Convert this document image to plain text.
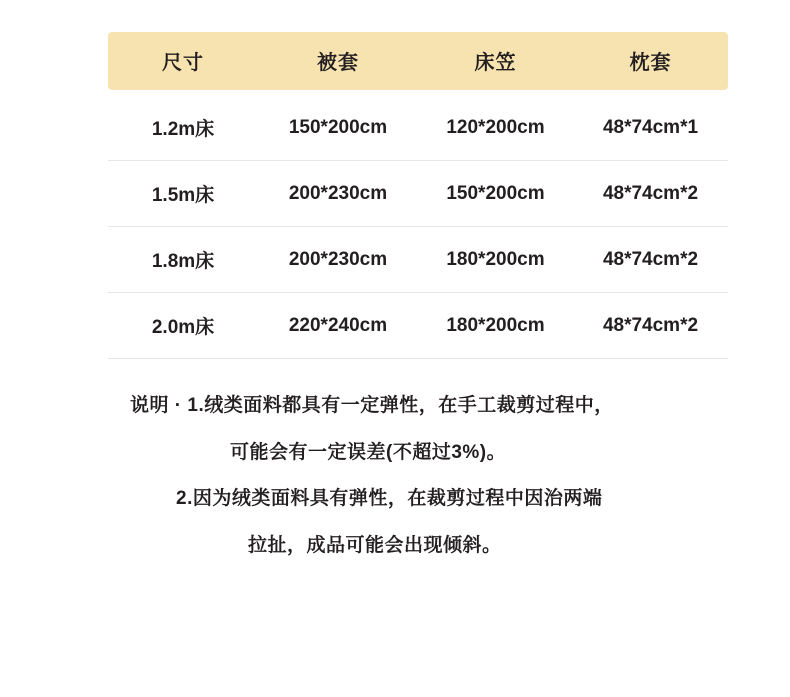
尺寸	被套	床笠	枕套
1.2m床	150*200cm	120*200cm	48*74cm*1
1.5m床	200*230cm	150*200cm	48*74cm*2
1.8m床	200*230cm	180*200cm	48*74cm*2
2.0m床	220*240cm	180*200cm	48*74cm*2
说明 · 1.绒类面料都具有一定弹性，在手工裁剪过程中，
可能会有一定误差(不超过3%)。
2.因为绒类面料具有弹性，在裁剪过程中因治两端
拉扯，成品可能会出现倾斜。
